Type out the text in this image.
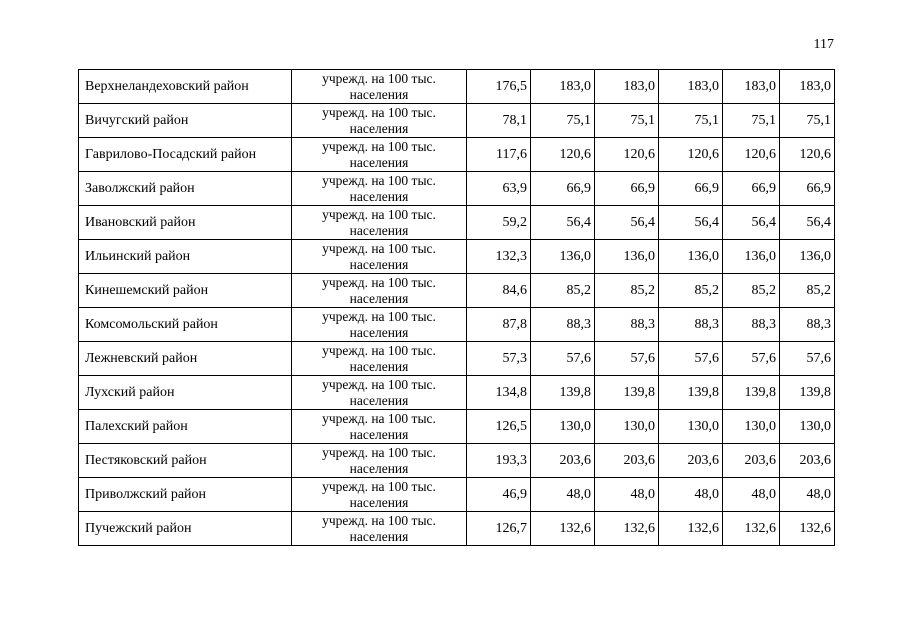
117
Верхнеландеховский район	учрежд. на 100 тыс.
населения	176,5	183,0	183,0	183,0	183,0	183,0
Вичугский район	учрежд. на 100 тыс.
населения	78,1	75,1	75,1	75,1	75,1	75,1
Гаврилово-Посадский район	учрежд. на 100 тыс.
населения	117,6	120,6	120,6	120,6	120,6	120,6
Заволжский район	учрежд. на 100 тыс.
населения	63,9	66,9	66,9	66,9	66,9	66,9
Ивановский район	учрежд. на 100 тыс.
населения	59,2	56,4	56,4	56,4	56,4	56,4
Ильинский район	учрежд. на 100 тыс.
населения	132,3	136,0	136,0	136,0	136,0	136,0
Кинешемский район	учрежд. на 100 тыс.
населения	84,6	85,2	85,2	85,2	85,2	85,2
Комсомольский район	учрежд. на 100 тыс.
населения	87,8	88,3	88,3	88,3	88,3	88,3
Лежневский район	учрежд. на 100 тыс.
населения	57,3	57,6	57,6	57,6	57,6	57,6
Лухский район	учрежд. на 100 тыс.
населения	134,8	139,8	139,8	139,8	139,8	139,8
Палехский район	учрежд. на 100 тыс.
населения	126,5	130,0	130,0	130,0	130,0	130,0
Пестяковский район	учрежд. на 100 тыс.
населения	193,3	203,6	203,6	203,6	203,6	203,6
Приволжский район	учрежд. на 100 тыс.
населения	46,9	48,0	48,0	48,0	48,0	48,0
Пучежский район	учрежд. на 100 тыс.
населения	126,7	132,6	132,6	132,6	132,6	132,6
